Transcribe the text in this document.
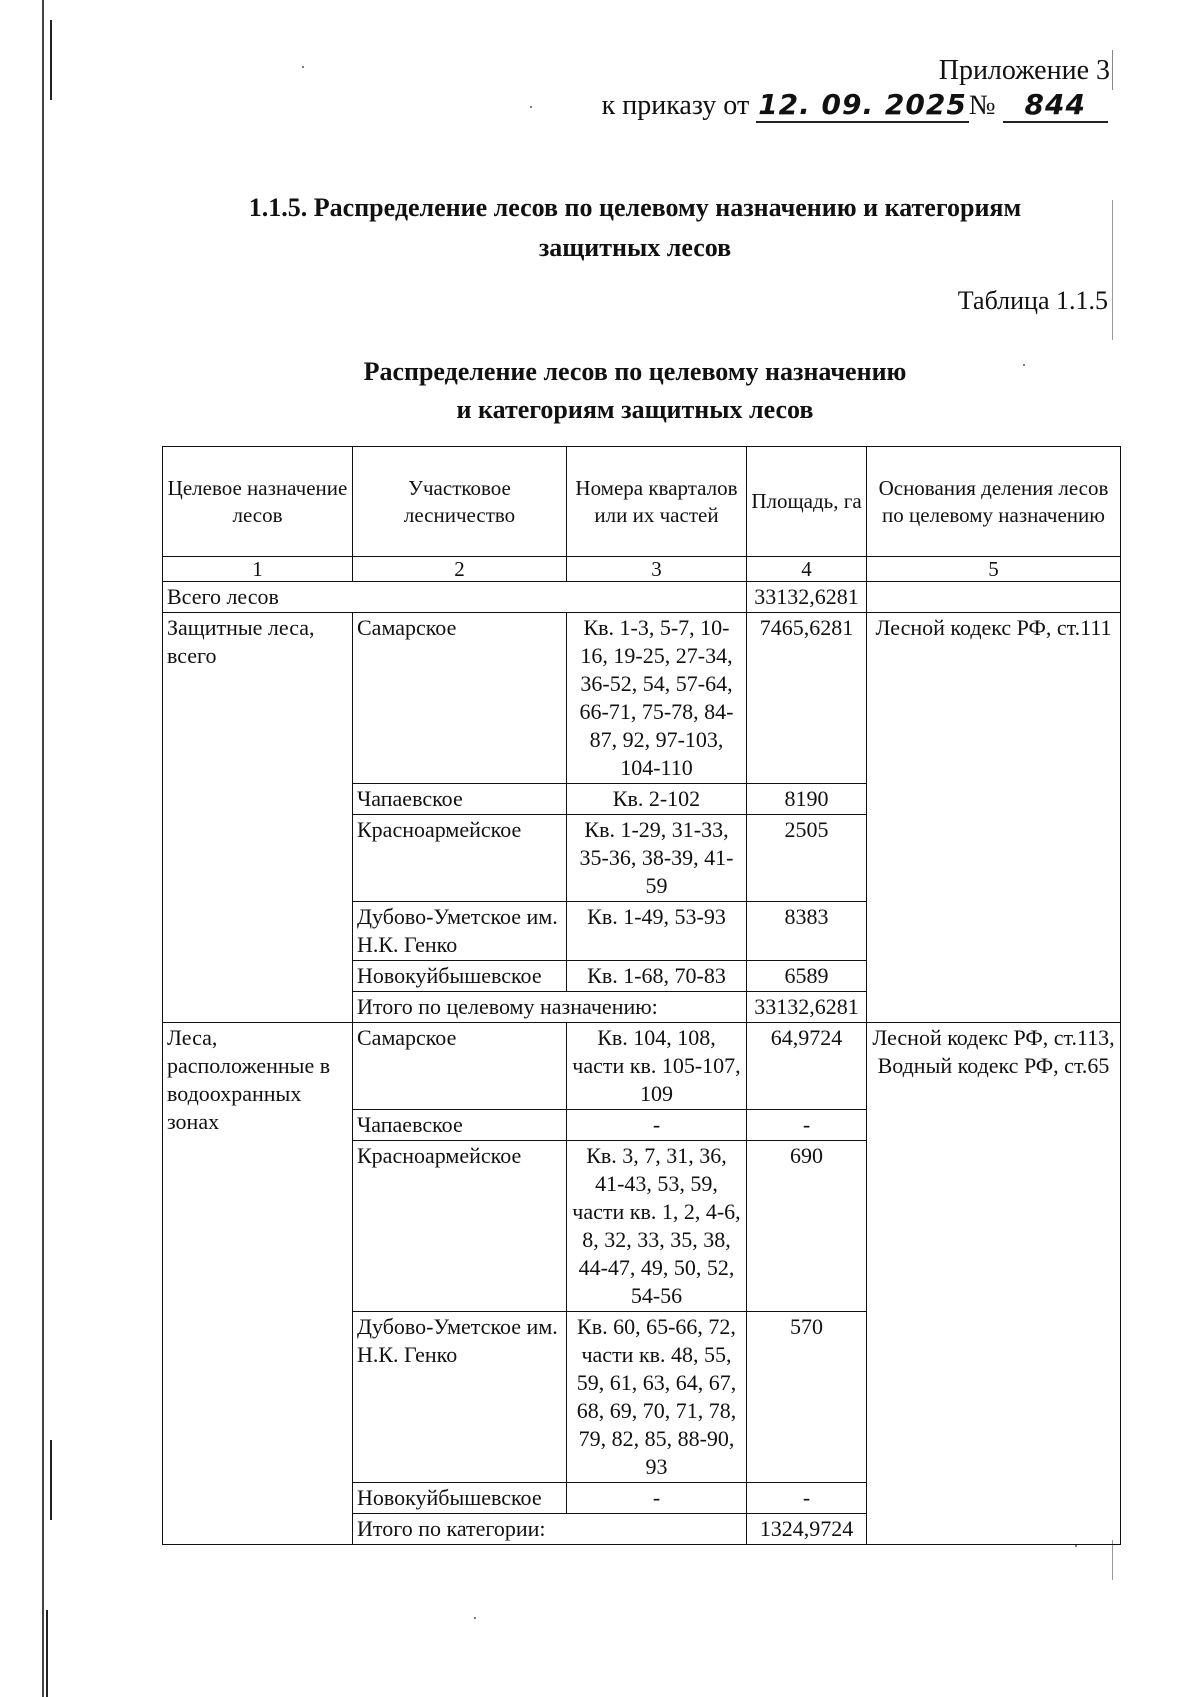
Приложение 3
к приказу от 12. 09. 2025№ 844
1.1.5. Распределение лесов по целевому назначению и категориям
защитных лесов
Таблица 1.1.5
Распределение лесов по целевому назначению
и категориям защитных лесов
Целевое назначение лесов	Участковое лесничество	Номера кварталов или их частей	Площадь, га	Основания деления лесов по целевому назначению
1	2	3	4	5
Всего лесов			33132,6281	
Защитные леса, всего	Самарское	Кв. 1-3, 5-7, 10-16, 19-25, 27-34, 36-52, 54, 57-64, 66-71, 75-78, 84-87, 92, 97-103, 104-110	7465,6281	Лесной кодекс РФ, ст.111
	Чапаевское	Кв. 2-102	8190	
	Красноармейское	Кв. 1-29, 31-33, 35-36, 38-39, 41-59	2505	
	Дубово-Уметское им. Н.К. Генко	Кв. 1-49, 53-93	8383	
	Новокуйбышевское	Кв. 1-68, 70-83	6589	
	Итого по целевому назначению:		33132,6281	
Леса, расположенные в водоохранных зонах	Самарское	Кв. 104, 108, части кв. 105-107, 109	64,9724	Лесной кодекс РФ, ст.113, Водный кодекс РФ, ст.65
	Чапаевское	-	-	
	Красноармейское	Кв. 3, 7, 31, 36, 41-43, 53, 59, части кв. 1, 2, 4-6, 8, 32, 33, 35, 38, 44-47, 49, 50, 52, 54-56	690	
	Дубово-Уметское им. Н.К. Генко	Кв. 60, 65-66, 72, части кв. 48, 55, 59, 61, 63, 64, 67, 68, 69, 70, 71, 78, 79, 82, 85, 88-90, 93	570	
	Новокуйбышевское	-	-	
	Итого по категории:		1324,9724	
